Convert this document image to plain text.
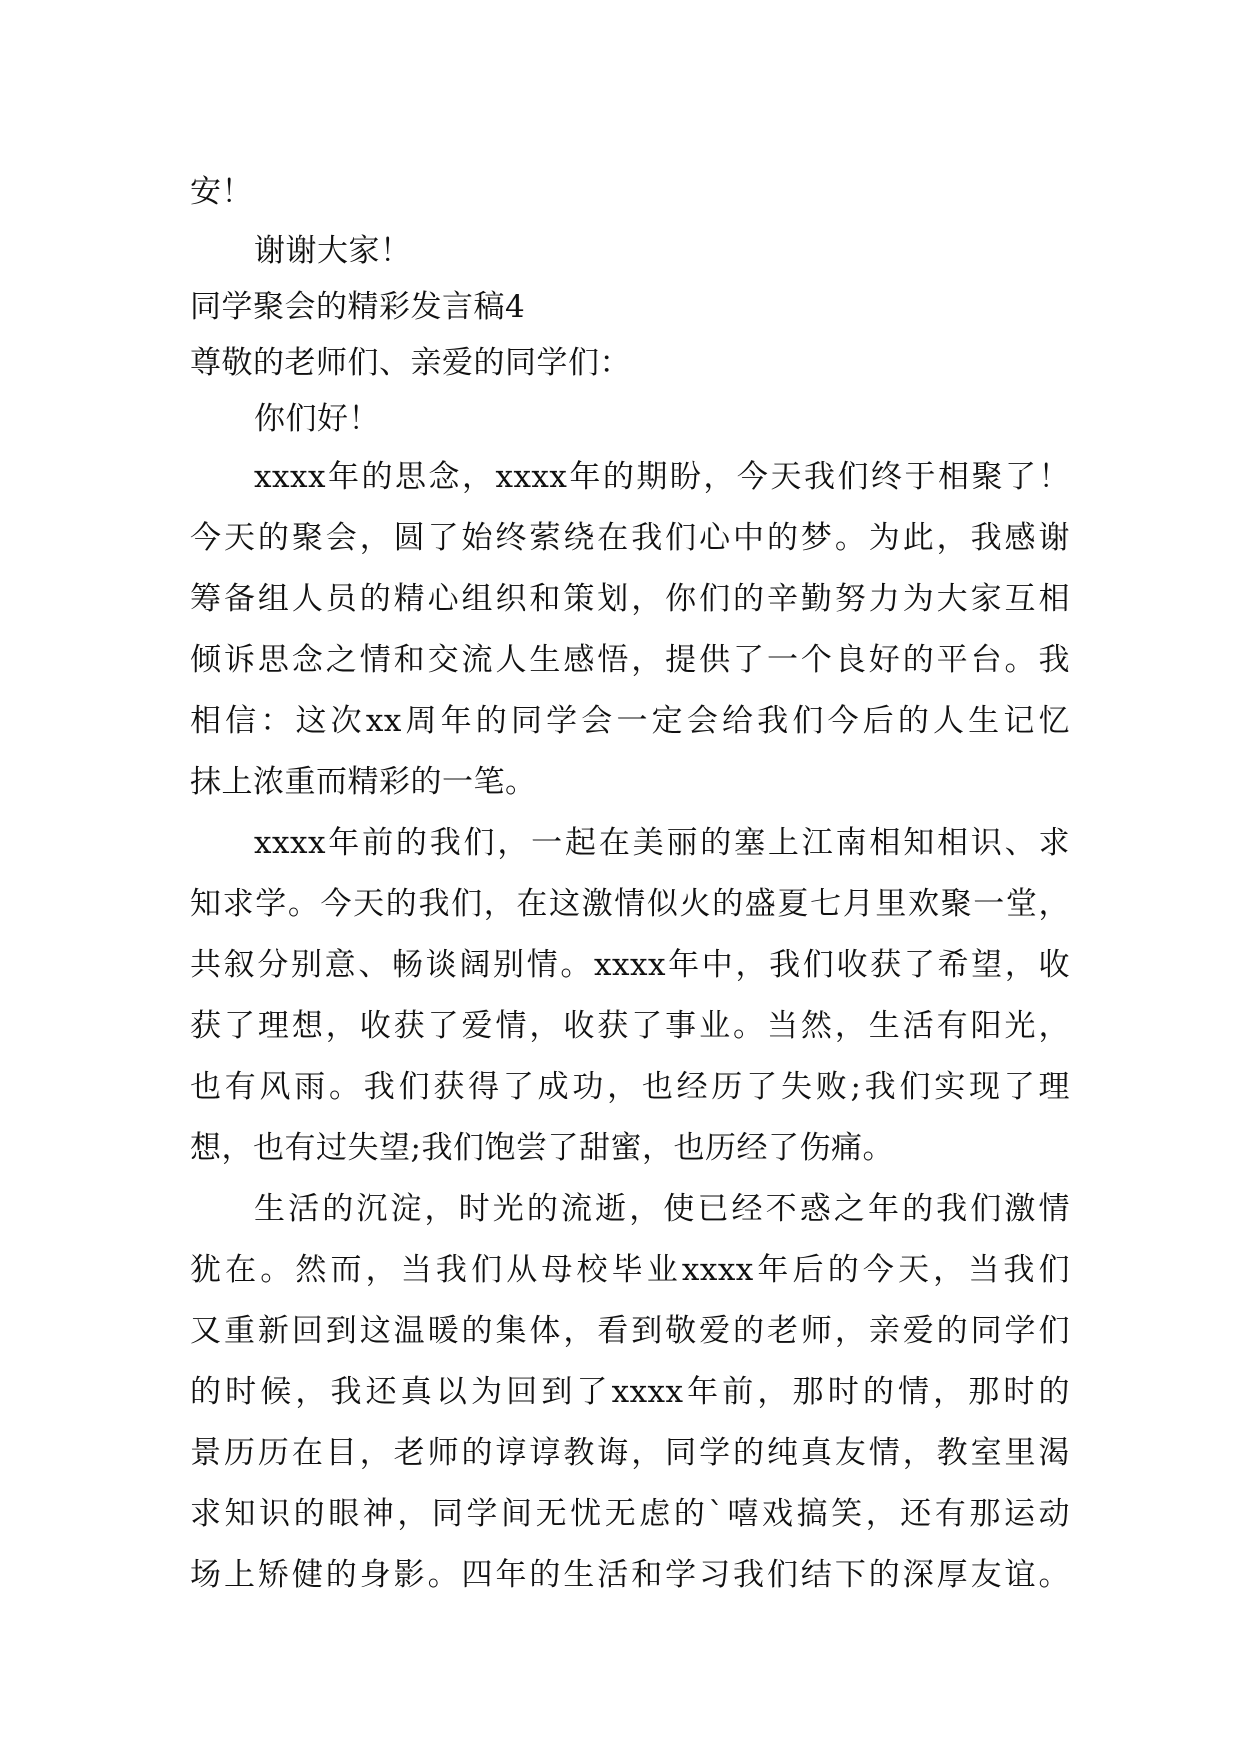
安！
谢谢大家！
同学聚会的精彩发言稿4
尊敬的老师们、亲爱的同学们：
你们好！
xxxx年的思念，xxxx年的期盼，今天我们终于相聚了！
今天的聚会，圆了始终萦绕在我们心中的梦。为此，我感谢
筹备组人员的精心组织和策划，你们的辛勤努力为大家互相
倾诉思念之情和交流人生感悟，提供了一个良好的平台。我
相信：这次xx周年的同学会一定会给我们今后的人生记忆
抹上浓重而精彩的一笔。
xxxx年前的我们，一起在美丽的塞上江南相知相识、求
知求学。今天的我们，在这激情似火的盛夏七月里欢聚一堂，
共叙分别意、畅谈阔别情。xxxx年中，我们收获了希望，收
获了理想，收获了爱情，收获了事业。当然，生活有阳光，
也有风雨。我们获得了成功，也经历了失败;我们实现了理
想，也有过失望;我们饱尝了甜蜜，也历经了伤痛。
生活的沉淀，时光的流逝，使已经不惑之年的我们激情
犹在。然而，当我们从母校毕业xxxx年后的今天，当我们
又重新回到这温暖的集体，看到敬爱的老师，亲爱的同学们
的时候，我还真以为回到了xxxx年前，那时的情，那时的
景历历在目，老师的谆谆教诲，同学的纯真友情，教室里渴
求知识的眼神，同学间无忧无虑的`嘻戏搞笑，还有那运动
场上矫健的身影。四年的生活和学习我们结下的深厚友谊。
